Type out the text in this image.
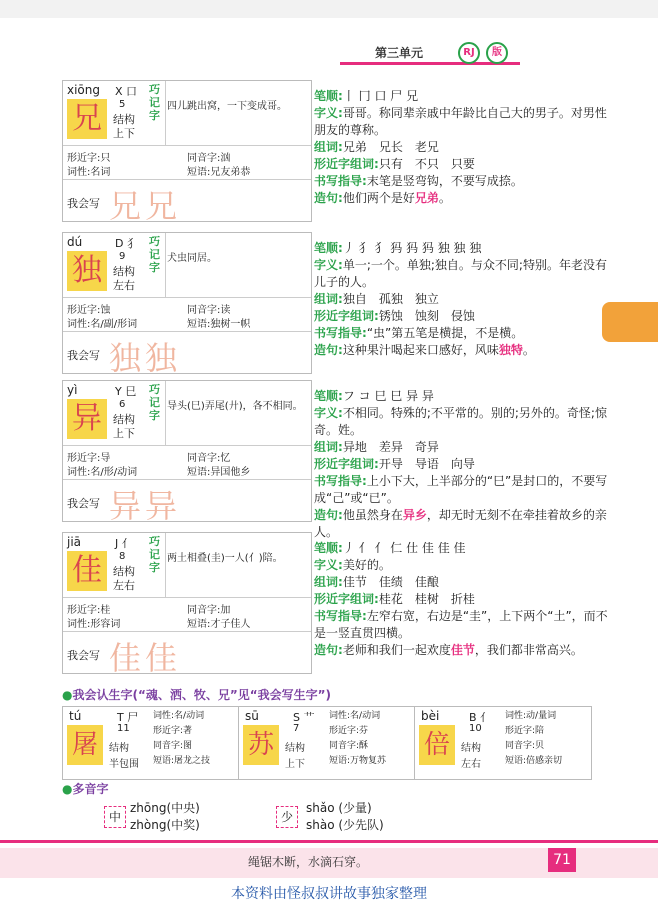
第三单元	RJ	版
xiōng
兄
X 口
5
结构
上下
巧记字
四儿跳出窝，一下变成哥。
形近字:只	同音字:汹
词性:名词	短语:兄友弟恭
我会写 兄兄
笔顺:丨 冂 口 尸 兄
字义:哥哥。称同辈亲戚中年龄比自己大的男子。对男性朋友的尊称。
组词:兄弟　兄长　老兄
形近字组词:只有　不只　只要
书写指导:末笔是竖弯钩，不要写成捺。
造句:他们两个是好兄弟。
dú
独
D 犭
9
结构
左右
巧记字
犬虫同居。
形近字:蚀	同音字:读
词性:名/副/形词	短语:独树一帜
我会写 独独
笔顺:丿 犭 犭 犸 犸 犸 独 独 独
字义:单一;一个。单独;独自。与众不同;特别。年老没有儿子的人。
组词:独自　孤独　独立
形近字组词:锈蚀　蚀刻　侵蚀
书写指导:“虫”第五笔是横提，不是横。
造句:这种果汁喝起来口感好，风味独特。
yì
异
Y 巳
6
结构
上下
巧记字
导头(巳)弄尾(廾)，各不相同。
形近字:导	同音字:忆
词性:名/形/动词	短语:异国他乡
我会写 异异
笔顺:フ コ 巳 巳 异 异
字义:不相同。特殊的;不平常的。别的;另外的。奇怪;惊奇。姓。
组词:异地　差异　奇异
形近字组词:开导　导语　向导
书写指导:上小下大，上半部分的“巳”是封口的，不要写成“己”或“已”。
造句:他虽然身在异乡，却无时无刻不在牵挂着故乡的亲人。
jiā
佳
J 亻
8
结构
左右
巧记字
两土相叠(圭)一人(亻)陪。
形近字:桂	同音字:加
词性:形容词	短语:才子佳人
我会写 佳佳
笔顺:丿 亻 亻 仁 仕 佳 佳 佳
字义:美好的。
组词:佳节　佳绩　佳酿
形近字组词:桂花　桂树　折桂
书写指导:左窄右宽，右边是“圭”，上下两个“土”，而不是一竖直贯四横。
造句:老师和我们一起欢度佳节，我们都非常高兴。
●我会认生字(“魂、洒、牧、兄”见“我会写生字”)
tú
屠
T 尸
11
结构
半包围
词性:名/动词
形近字:著
同音字:图
短语:屠龙之技
sū
苏
S 艹
7
结构
上下
词性:名/动词
形近字:芬
同音字:酥
短语:万物复苏
bèi
倍
B 亻
10
结构
左右
词性:动/量词
形近字:陪
同音字:贝
短语:倍感亲切
●多音字
中
zhōng(中央)
zhòng(中奖)
少
shǎo (少量)
shào (少先队)
绳锯木断，水滴石穿。	71
本资料由怪叔叔讲故事独家整理
